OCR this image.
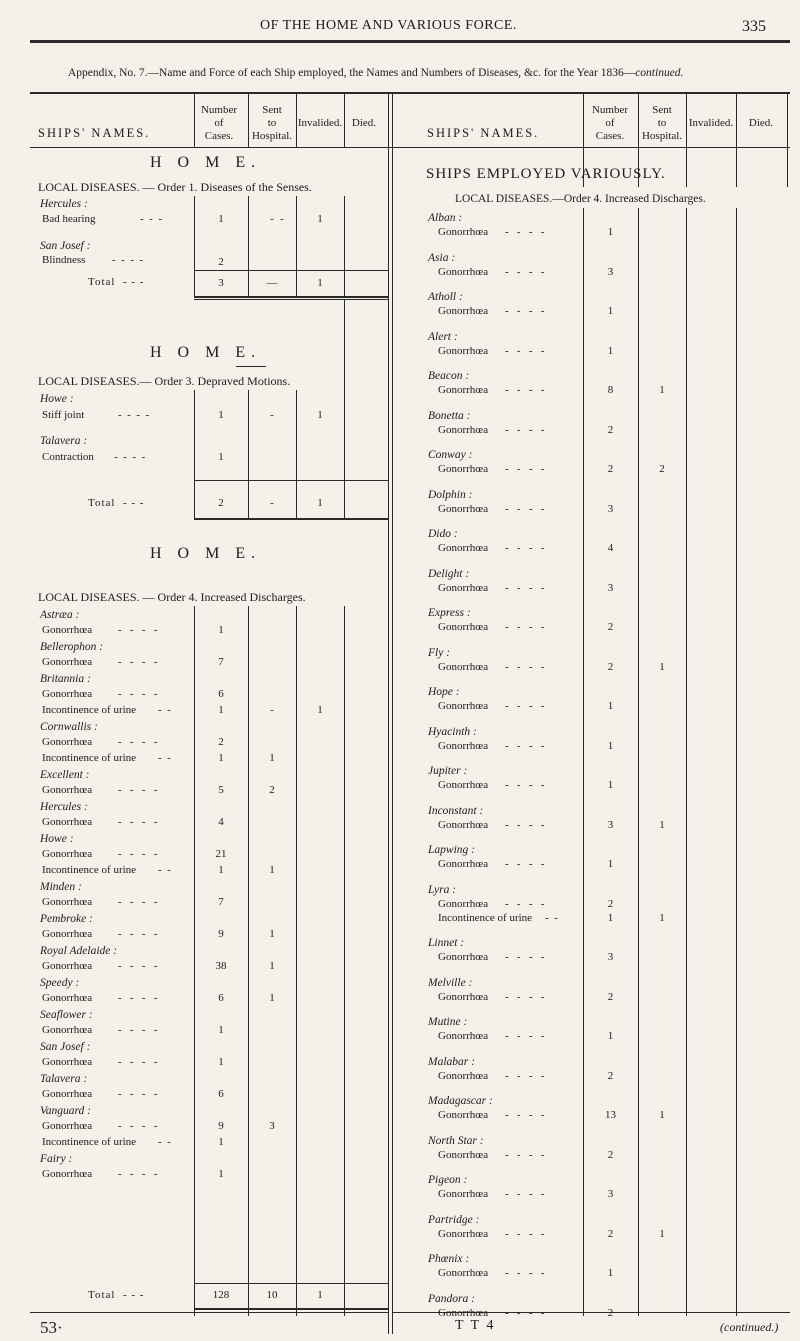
OF THE HOME AND VARIOUS FORCE.	335
Appendix, No. 7.—Name and Force of each Ship employed, the Names and Numbers of Diseases, &c. for the Year 1836—continued.
SHIPS' NAMES.
Number
of
Cases.
Sent
to
Hospital.
Invalided. Died.
SHIPS' NAMES.
Number
of
Cases.
Sent
to
Hospital.
Invalided.	Died.
H O M E.
LOCAL DISEASES. — Order 1. Diseases of the Senses.
Hercules :
Bad hearing	-  -  -	1	- -	1
San Josef :
Blindness -  -  -  -	2
Total  - - -	3	—	1
H O M E.
LOCAL DISEASES.— Order 3. Depraved Motions.
Howe :
Stiff joint	-  -  -  -	1	-	1
Talavera :
Contraction -  -  -  -	1
Total  - - -	2	-	1
H O M E.
LOCAL DISEASES. — Order 4. Increased Discharges.
Astræa :
Gonorrhœa -   -   -   -	1
Bellerophon :
Gonorrhœa -   -   -   -	7
Britannia :
Gonorrhœa -   -   -   -	6
Incontinence of urine -  -	1	-	1
Cornwallis :
Gonorrhœa -   -   -   -	2
Incontinence of urine -  -	1	1
Excellent :
Gonorrhœa -   -   -   -	5	2
Hercules :
Gonorrhœa -   -   -   -	4
Howe :
Gonorrhœa -   -   -   -	21
Incontinence of urine -  -	1	1
Minden :
Gonorrhœa -   -   -   -	7
Pembroke :
Gonorrhœa -   -   -   -	9	1
Royal Adelaide :
Gonorrhœa -   -   -   -	38	1
Speedy :
Gonorrhœa -   -   -   -	6	1
Seaflower :
Gonorrhœa -   -   -   -	1
San Josef :
Gonorrhœa -   -   -   -	1
Talavera :
Gonorrhœa -   -   -   -	6
Vanguard :
Gonorrhœa -   -   -   -	9	3
Incontinence of urine -  -	1
Fairy :
Gonorrhœa -   -   -   -	1
Total  - - -	128	10	1
SHIPS EMPLOYED VARIOUSLY.
LOCAL DISEASES.—Order 4. Increased Discharges.
Alban :
Gonorrhœa -   -   -   -	1
Asia :
Gonorrhœa -   -   -   -	3
Atholl :
Gonorrhœa -   -   -   -	1
Alert :
Gonorrhœa -   -   -   -	1
Beacon :
Gonorrhœa -   -   -   -	8	1
Bonetta :
Gonorrhœa -   -   -   -	2
Conway :
Gonorrhœa -   -   -   -	2	2
Dolphin :
Gonorrhœa -   -   -   -	3
Dido :
Gonorrhœa -   -   -   -	4
Delight :
Gonorrhœa -   -   -   -	3
Express :
Gonorrhœa -   -   -   -	2
Fly :
Gonorrhœa -   -   -   -	2	1
Hope :
Gonorrhœa -   -   -   -	1
Hyacinth :
Gonorrhœa -   -   -   -	1
Jupiter :
Gonorrhœa -   -   -   -	1
Inconstant :
Gonorrhœa -   -   -   -	3	1
Lapwing :
Gonorrhœa -   -   -   -	1
Lyra :
Gonorrhœa -   -   -   -	2
Incontinence of urine -  -	1	1
Linnet :
Gonorrhœa -   -   -   -	3
Melville :
Gonorrhœa -   -   -   -	2
Mutine :
Gonorrhœa -   -   -   -	1
Malabar :
Gonorrhœa -   -   -   -	2
Madagascar :
Gonorrhœa -   -   -   -	13	1
North Star :
Gonorrhœa -   -   -   -	2
Pigeon :
Gonorrhœa -   -   -   -	3
Partridge :
Gonorrhœa -   -   -   -	2	1
Phœnix :
Gonorrhœa -   -   -   -	1
Pandora :
Gonorrhœa -   -   -   -	2
53·	T T 4	(continued.)
